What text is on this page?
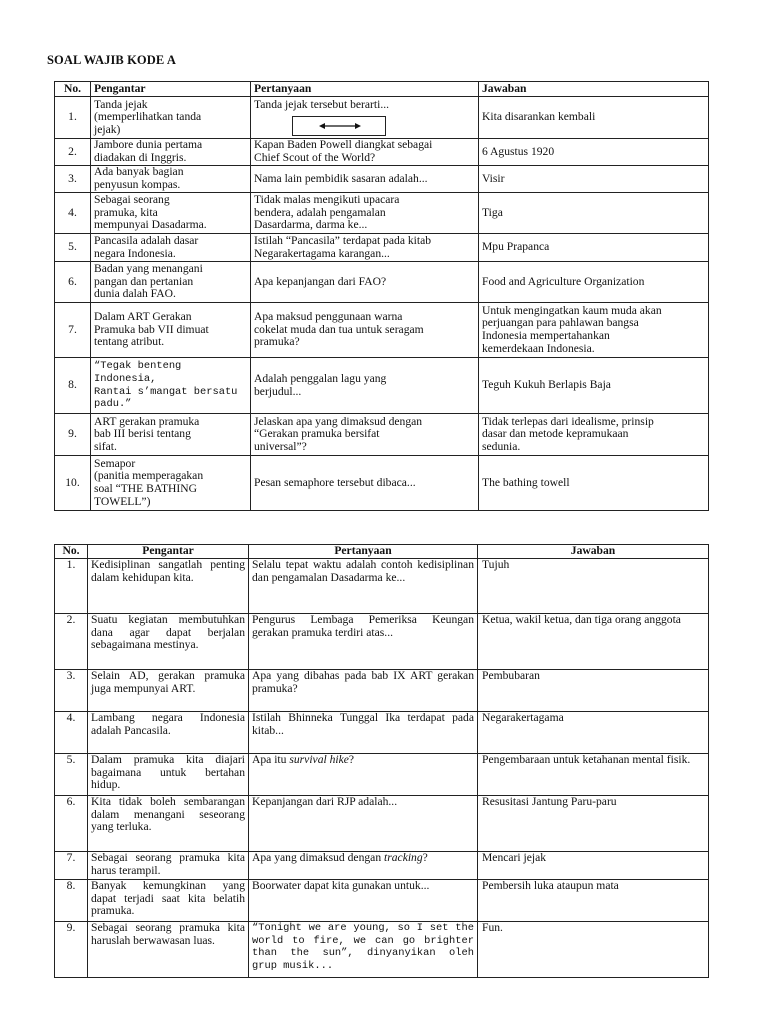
SOAL WAJIB KODE A
No.	Pengantar	Pertanyaan	Jawaban
1.	Tanda jejak
(memperlihatkan tanda
jejak)	Tanda jejak tersebut berarti...	Kita disarankan kembali
2.	Jambore dunia pertama
diadakan di Inggris.	Kapan Baden Powell diangkat sebagai
Chief Scout of the World?	6 Agustus 1920
3.	Ada banyak bagian
penyusun kompas.	Nama lain pembidik sasaran adalah...	Visir
4.	Sebagai seorang
pramuka, kita
mempunyai Dasadarma.	Tidak malas mengikuti upacara
bendera, adalah pengamalan
Dasardarma, darma ke...	Tiga
5.	Pancasila adalah dasar
negara Indonesia.	Istilah “Pancasila” terdapat pada kitab
Negarakertagama karangan...	Mpu Prapanca
6.	Badan yang menangani
pangan dan pertanian
dunia dalah FAO.	Apa kepanjangan dari FAO?	Food and Agriculture Organization
7.	Dalam ART Gerakan
Pramuka bab VII dimuat
tentang atribut.	Apa maksud penggunaan warna
cokelat muda dan tua untuk seragam
pramuka?	Untuk mengingatkan kaum muda akan
perjuangan para pahlawan bangsa
Indonesia mempertahankan
kemerdekaan Indonesia.
8.	“Tegak benteng
Indonesia,
Rantai s’mangat bersatu
padu.”	Adalah penggalan lagu yang
berjudul...	Teguh Kukuh Berlapis Baja
9.	ART gerakan pramuka
bab III berisi tentang
sifat.	Jelaskan apa yang dimaksud dengan
“Gerakan pramuka bersifat
universal”?	Tidak terlepas dari idealisme, prinsip
dasar dan metode kepramukaan
sedunia.
10.	Semapor
(panitia memperagakan
soal “THE BATHING
TOWELL”)	Pesan semaphore tersebut dibaca...	The bathing towell
No.	Pengantar	Pertanyaan	Jawaban
1.	Kedisiplinan sangatlah penting dalam kehidupan kita.	Selalu tepat waktu adalah contoh kedisiplinan dan pengamalan Dasadarma ke...	Tujuh
2.	Suatu kegiatan membutuhkan dana agar dapat berjalan sebagaimana mestinya.	Pengurus Lembaga Pemeriksa Keungan gerakan pramuka terdiri atas...	Ketua, wakil ketua, dan tiga orang anggota
3.	Selain AD, gerakan pramuka juga mempunyai ART.	Apa yang dibahas pada bab IX ART gerakan pramuka?	Pembubaran
4.	Lambang negara Indonesia adalah Pancasila.	Istilah Bhinneka Tunggal Ika terdapat pada kitab...	Negarakertagama
5.	Dalam pramuka kita diajari bagaimana untuk bertahan hidup.	Apa itu survival hike?	Pengembaraan untuk ketahanan mental fisik.
6.	Kita tidak boleh sembarangan dalam menangani seseorang yang terluka.	Kepanjangan dari RJP adalah...	Resusitasi Jantung Paru-paru
7.	Sebagai seorang pramuka kita harus terampil.	Apa yang dimaksud dengan tracking?	Mencari jejak
8.	Banyak kemungkinan yang dapat terjadi saat kita belatih pramuka.	Boorwater dapat kita gunakan untuk...	Pembersih luka ataupun mata
9.	Sebagai seorang pramuka kita haruslah berwawasan luas.	“Tonight we are young, so I set the world to fire, we can go brighter than the sun”, dinyanyikan oleh grup musik...	Fun.
